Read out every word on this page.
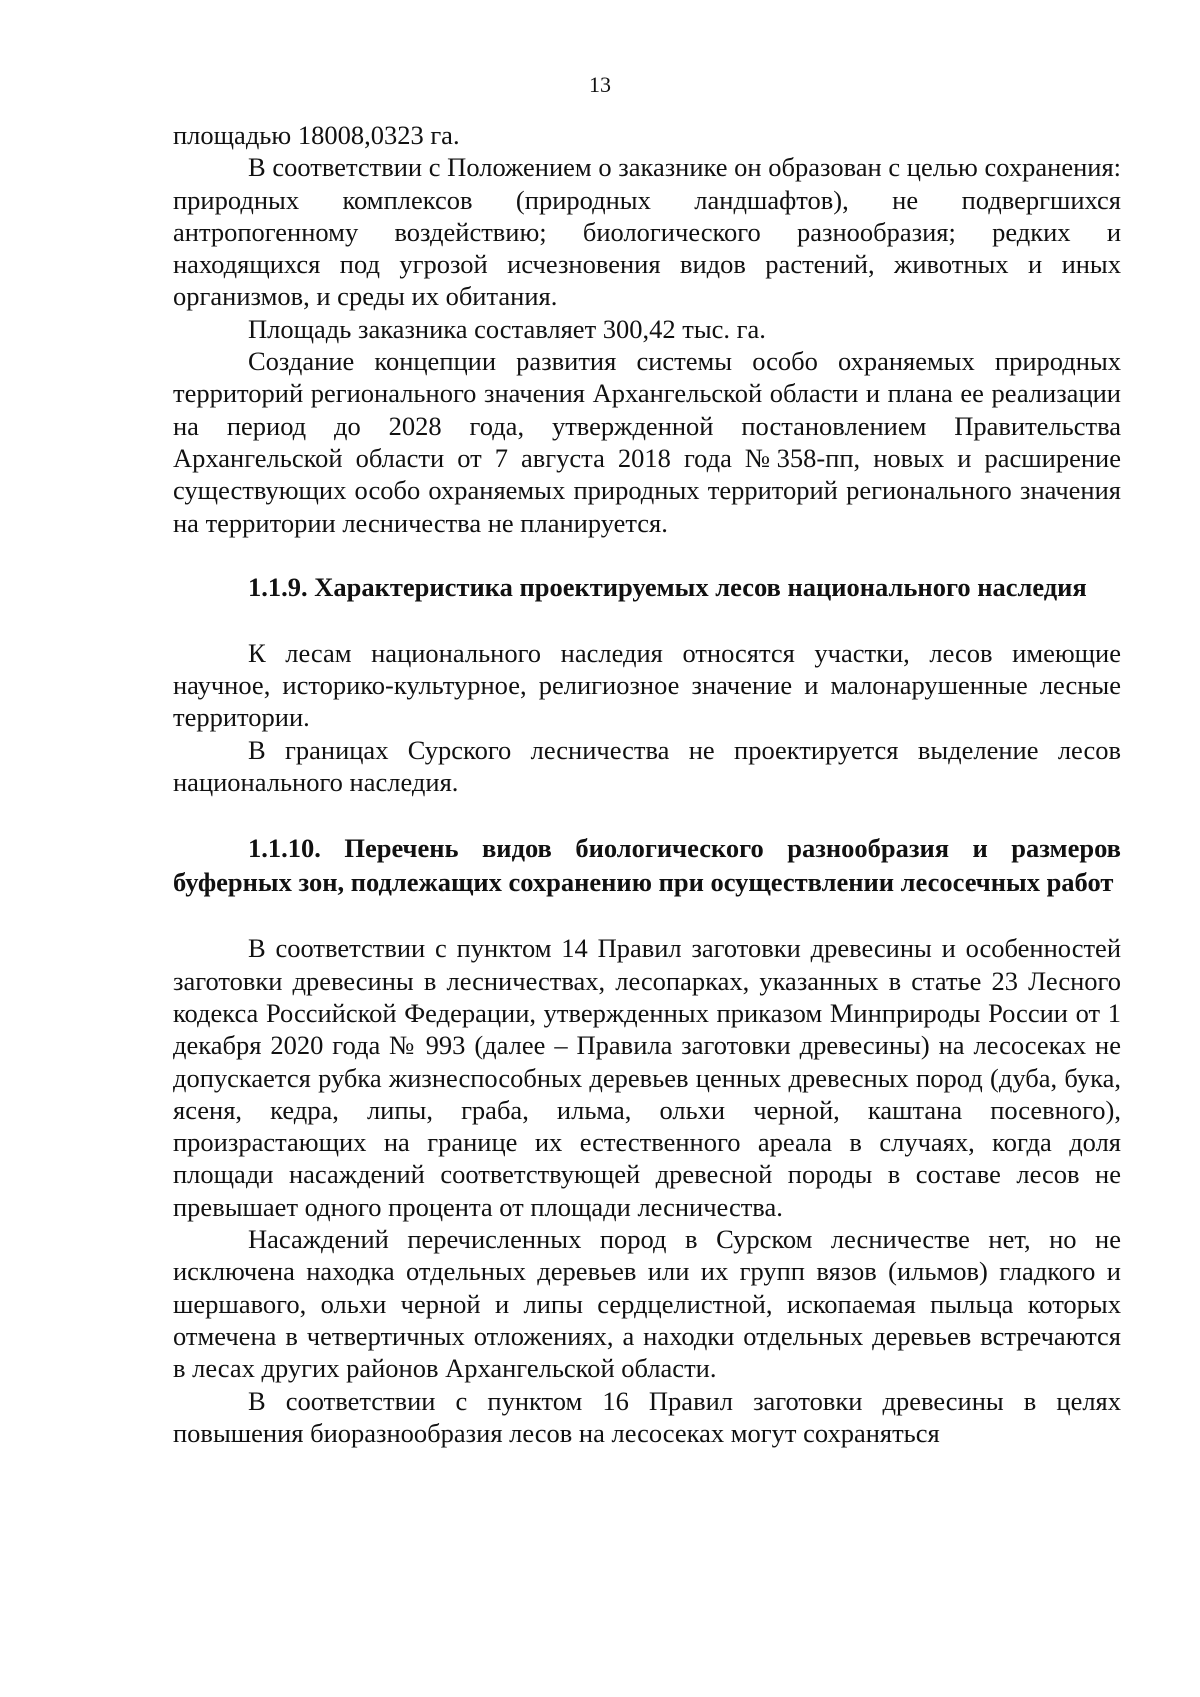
13

площадью 18008,0323 га.

В соответствии с Положением о заказнике он образован с целью сохранения: природных комплексов (природных ландшафтов), не подвергшихся антропогенному воздействию; биологического разнообразия; редких и находящихся под угрозой исчезновения видов растений, животных и иных организмов, и среды их обитания.

Площадь заказника составляет 300,42 тыс. га.

Создание концепции развития системы особо охраняемых природных территорий регионального значения Архангельской области и плана ее реализации на период до 2028 года, утвержденной постановлением Правительства Архангельской области от 7 августа 2018 года №358-пп, новых и расширение существующих особо охраняемых природных территорий регионального значения на территории лесничества не планируется.

1.1.9. Характеристика проектируемых лесов национального наследия

К лесам национального наследия относятся участки, лесов имеющие научное, историко-культурное, религиозное значение и малонарушенные лесные территории.

В границах Сурского лесничества не проектируется выделение лесов национального наследия.

1.1.10. Перечень видов биологического разнообразия и размеров буферных зон, подлежащих сохранению при осуществлении лесосечных работ

В соответствии с пунктом 14 Правил заготовки древесины и особенностей заготовки древесины в лесничествах, лесопарках, указанных в статье 23 Лесного кодекса Российской Федерации, утвержденных приказом Минприроды России от 1 декабря 2020 года № 993 (далее – Правила заготовки древесины) на лесосеках не допускается рубка жизнеспособных деревьев ценных древесных пород (дуба, бука, ясеня, кедра, липы, граба, ильма, ольхи черной, каштана посевного), произрастающих на границе их естественного ареала в случаях, когда доля площади насаждений соответствующей древесной породы в составе лесов не превышает одного процента от площади лесничества.

Насаждений перечисленных пород в Сурском лесничестве нет, но не исключена находка отдельных деревьев или их групп вязов (ильмов) гладкого и шершавого, ольхи черной и липы сердцелистной, ископаемая пыльца которых отмечена в четвертичных отложениях, а находки отдельных деревьев встречаются в лесах других районов Архангельской области.

В соответствии с пунктом 16 Правил заготовки древесины в целях повышения биоразнообразия лесов на лесосеках могут сохраняться
